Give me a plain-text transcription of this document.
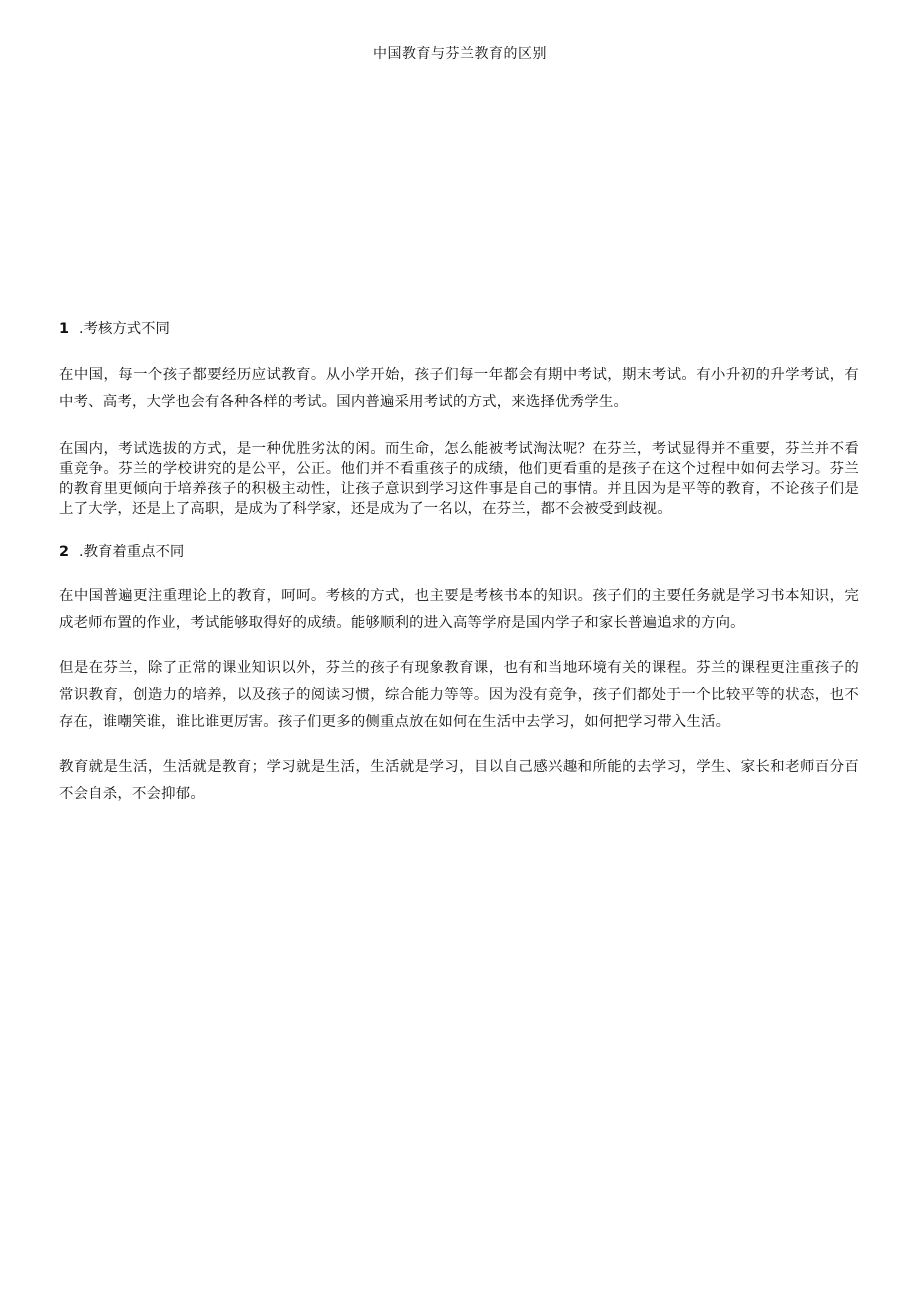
中国教育与芬兰教育的区别
1 .考核方式不同

在中国，每一个孩子都要经历应试教育。从小学开始，孩子们每一年都会有期中考试，期末考试。有小升初的升学考试，有中考、高考，大学也会有各种各样的考试。国内普遍采用考试的方式，来选择优秀学生。

在国内，考试选拔的方式，是一种优胜劣汰的闲。而生命，怎么能被考试淘汰呢？在芬兰，考试显得并不重要，芬兰并不看重竞争。芬兰的学校讲究的是公平，公正。他们并不看重孩子的成绩，他们更看重的是孩子在这个过程中如何去学习。芬兰的教育里更倾向于培养孩子的积极主动性，让孩子意识到学习这件事是自己的事情。并且因为是平等的教育，不论孩子们是上了大学，还是上了高职，是成为了科学家，还是成为了一名以，在芬兰，都不会被受到歧视。

2 .教育着重点不同

在中国普遍更注重理论上的教育，呵呵。考核的方式，也主要是考核书本的知识。孩子们的主要任务就是学习书本知识，完成老师布置的作业，考试能够取得好的成绩。能够顺利的进入高等学府是国内学子和家长普遍追求的方向。

但是在芬兰，除了正常的课业知识以外，芬兰的孩子有现象教育课，也有和当地环境有关的课程。芬兰的课程更注重孩子的常识教育，创造力的培养，以及孩子的阅读习惯，综合能力等等。因为没有竞争，孩子们都处于一个比较平等的状态，也不存在，谁嘲笑谁，谁比谁更厉害。孩子们更多的侧重点放在如何在生活中去学习，如何把学习带入生活。

教育就是生活，生活就是教育；学习就是生活，生活就是学习，目以自己感兴趣和所能的去学习，学生、家长和老师百分百不会自杀，不会抑郁。
